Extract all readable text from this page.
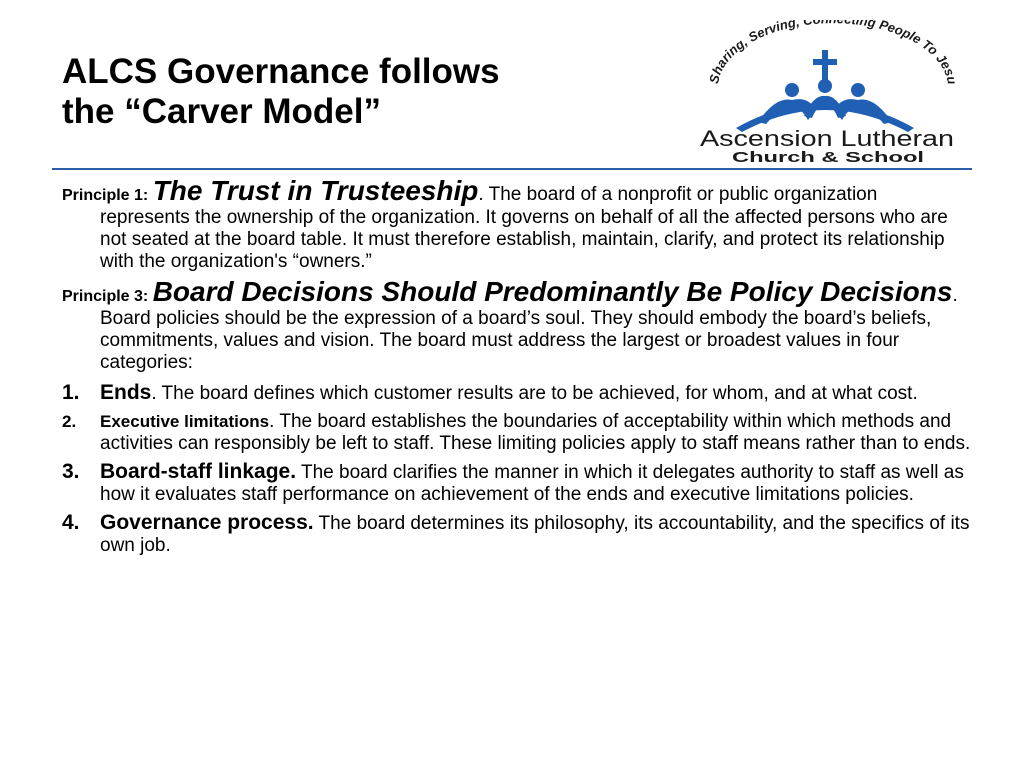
ALCS Governance follows
the “Carver Model”
Sharing, Serving, C ing People To Jes
Ascension Lutheran
Church & School

Principle 1: The Trust in Trusteeship. The board of a nonprofit or public organization represents the ownership of the organization. It governs on behalf of all the affected persons who are not seated at the board table. It must therefore establish, maintain, clarify, and protect its relationship with the organization's “owners.”

Principle 3: Board Decisions Should Predominantly Be Policy Decisions. Board policies should be the expression of a board’s soul. They should embody the board’s beliefs, commitments, values and vision. The board must address the largest or broadest values in four categories:

1. Ends. The board defines which customer results are to be achieved, for whom, and at what cost.
2. Executive limitations. The board establishes the boundaries of acceptability within which methods and activities can responsibly be left to staff. These limiting policies apply to staff means rather than to ends.
3. Board-staff linkage. The board clarifies the manner in which it delegates authority to staff as well as how it evaluates staff performance on achievement of the ends and executive limitations policies.
4. Governance process. The board determines its philosophy, its accountability, and the specifics of its own job.
